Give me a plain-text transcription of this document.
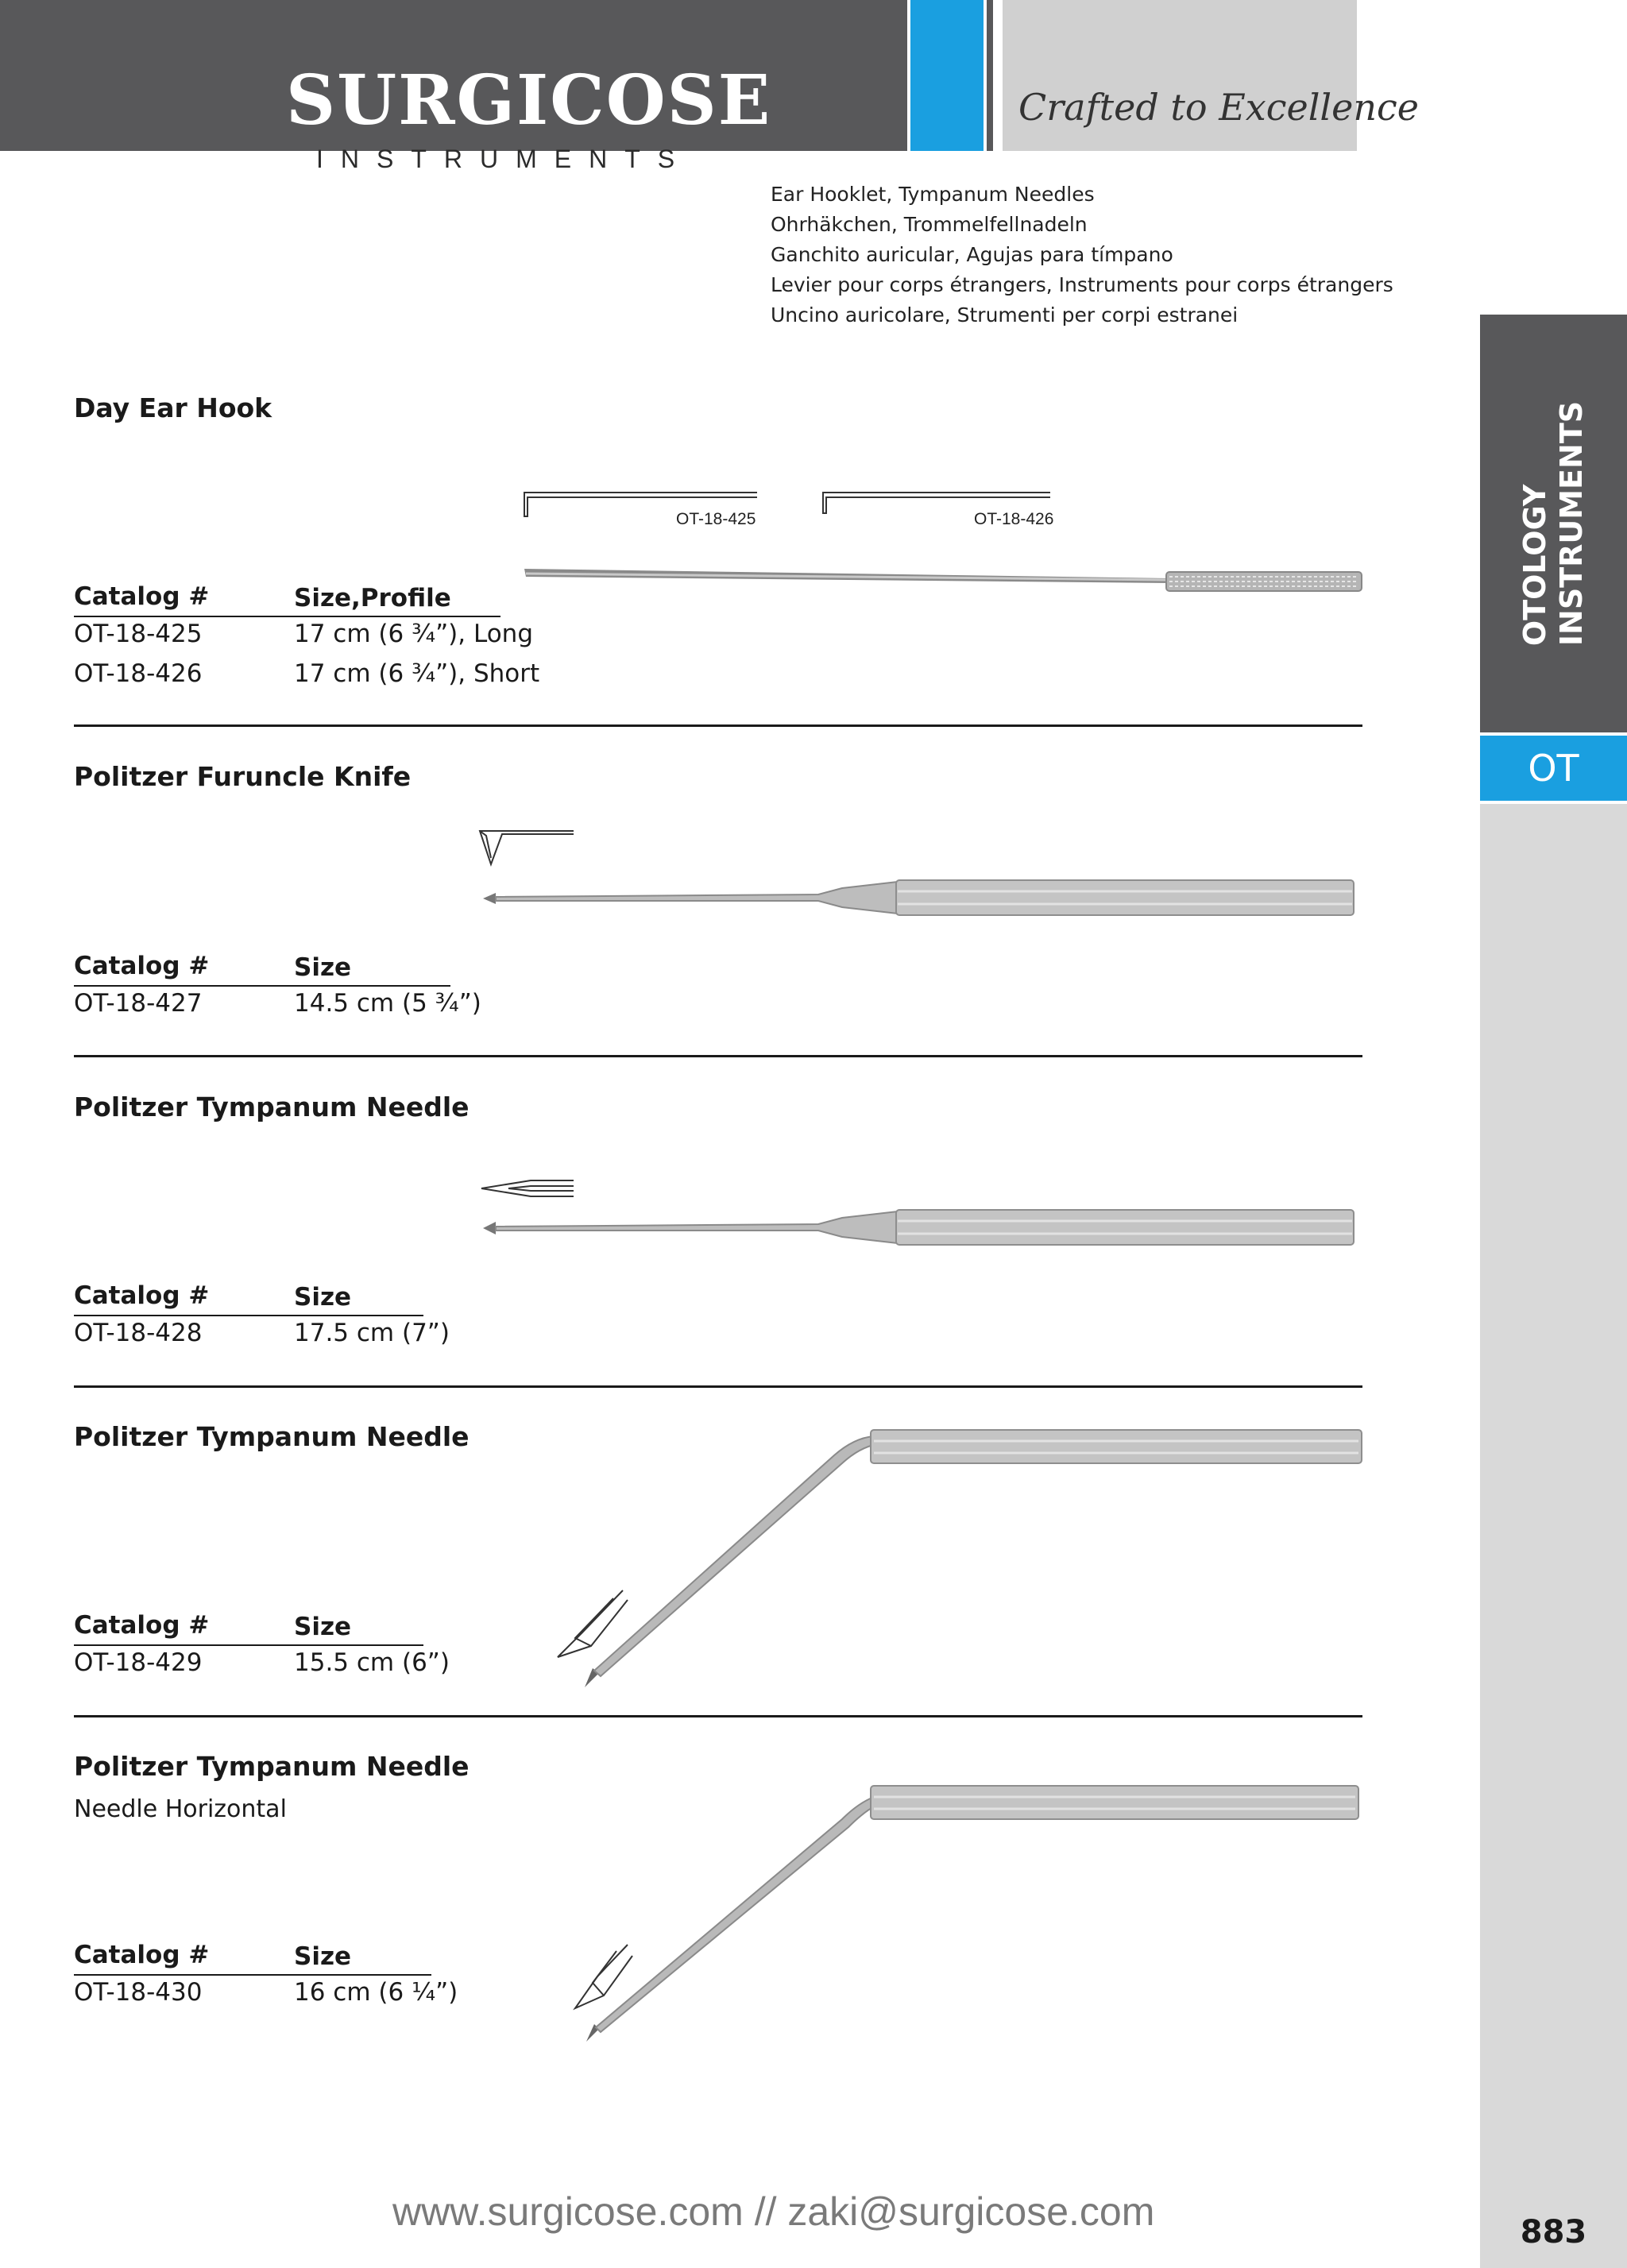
SURGICOSE
INSTRUMENTS
Crafted to Excellence
Ear Hooklet, Tympanum Needles
Ohrhäkchen, Trommelfellnadeln
Ganchito auricular, Agujas para tímpano
Levier pour corps étrangers, Instruments pour corps étrangers
Uncino auricolare, Strumenti per corpi estranei
OTOLOGY INSTRUMENTS
OT
883
Day Ear Hook
Catalog #	Size,Profile
OT-18-425	17 cm (6 ¾”), Long
OT-18-426	17 cm (6 ¾”), Short
OT-18-425	OT-18-426
Politzer Furuncle Knife
Catalog #	Size
OT-18-427	14.5 cm (5 ¾”)
Politzer Tympanum Needle
Catalog #	Size
OT-18-428	17.5 cm (7”)
Politzer Tympanum Needle
Catalog #	Size
OT-18-429	15.5 cm (6”)
Politzer Tympanum Needle
Needle Horizontal
Catalog #	Size
OT-18-430	16 cm (6 ¼”)
www.surgicose.com // zaki@surgicose.com
